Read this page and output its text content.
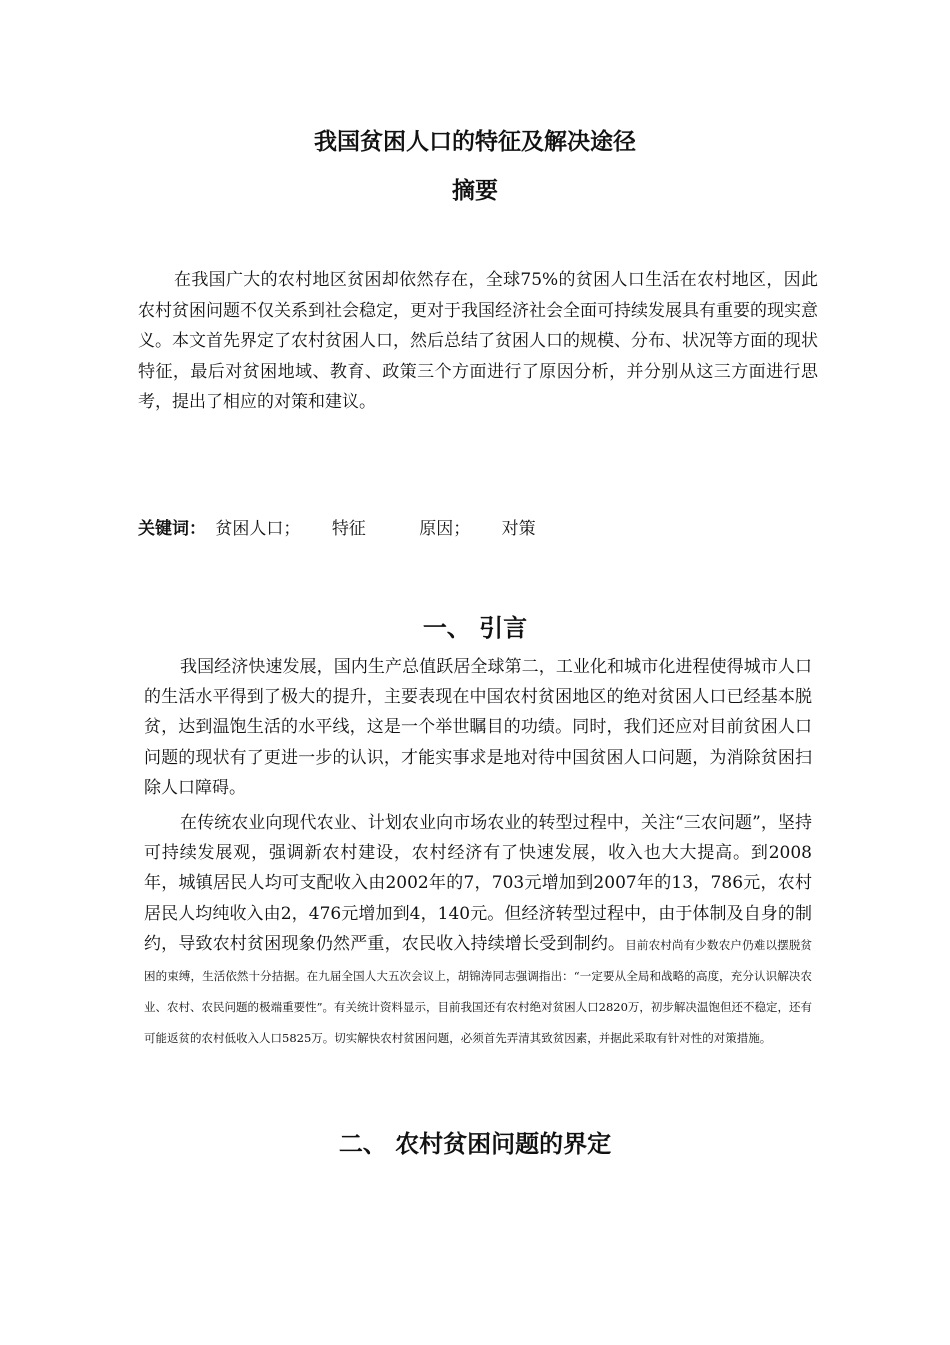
我国贫困人口的特征及解决途径
摘要

在我国广大的农村地区贫困却依然存在，全球75%的贫困人口生活在农村地区，因此农村贫困问题不仅关系到社会稳定，更对于我国经济社会全面可持续发展具有重要的现实意义。本文首先界定了农村贫困人口，然后总结了贫困人口的规模、分布、状况等方面的现状特征，最后对贫困地域、教育、政策三个方面进行了原因分析，并分别从这三方面进行思考，提出了相应的对策和建议。

关键词： 贫困人口； 特征	原因； 对策
一、 引言

我国经济快速发展，国内生产总值跃居全球第二，工业化和城市化进程使得城市人口的生活水平得到了极大的提升，主要表现在中国农村贫困地区的绝对贫困人口已经基本脱贫，达到温饱生活的水平线，这是一个举世瞩目的功绩。同时，我们还应对目前贫困人口问题的现状有了更进一步的认识，才能实事求是地对待中国贫困人口问题，为消除贫困扫除人口障碍。

在传统农业向现代农业、计划农业向市场农业的转型过程中，关注“三农问题”，坚持可持续发展观，强调新农村建设，农村经济有了快速发展，收入也大大提高。到2008年，城镇居民人均可支配收入由2002年的7，703元增加到2007年的13，786元，农村居民人均纯收入由2，476元增加到4，140元。但经济转型过程中，由于体制及自身的制约，导致农村贫困现象仍然严重，农民收入持续增长受到制约。目前农村尚有少数农户仍难以摆脱贫困的束缚，生活依然十分拮据。在九届全国人大五次会议上，胡锦涛同志强调指出：“一定要从全局和战略的高度，充分认识解决农业、农村、农民问题的极端重要性”。有关统计资料显示，目前我国还有农村绝对贫困人口2820万，初步解决温饱但还不稳定，还有可能返贫的农村低收入人口5825万。切实解快农村贫困问题，必须首先弄清其致贫因素，并据此采取有针对性的对策措施。

二、 农村贫困问题的界定
